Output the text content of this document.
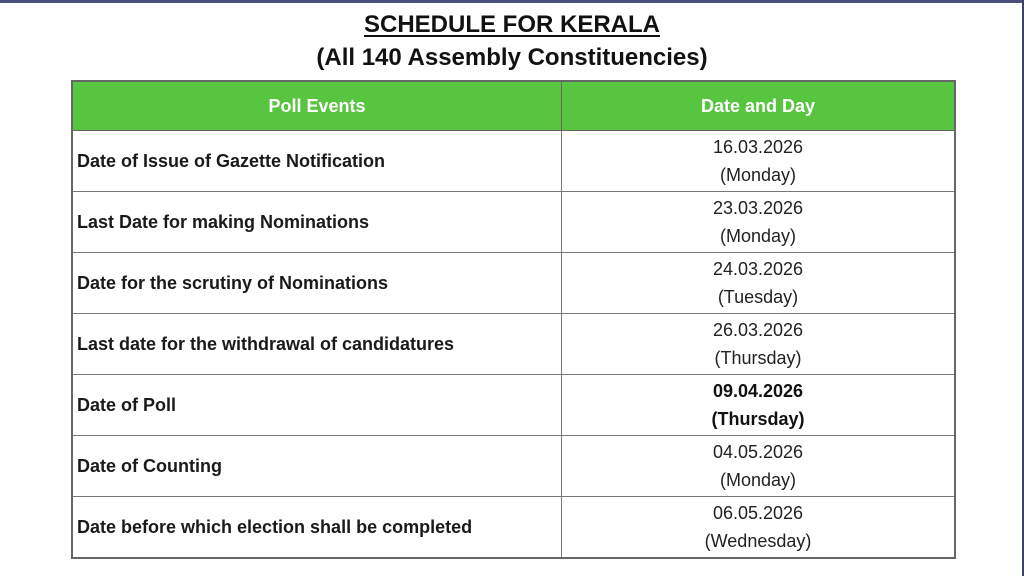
SCHEDULE FOR KERALA
(All 140 Assembly Constituencies)
Poll Events	Date and Day
Date of Issue of Gazette Notification	16.03.2026
(Monday)

Last Date for making Nominations	23.03.2026
(Monday)

Date for the scrutiny of Nominations	24.03.2026
(Tuesday)

Last date for the withdrawal of candidatures	26.03.2026
(Thursday)

Date of Poll	09.04.2026
(Thursday)

Date of Counting	04.05.2026
(Monday)

Date before which election shall be completed	06.05.2026
(Wednesday)
